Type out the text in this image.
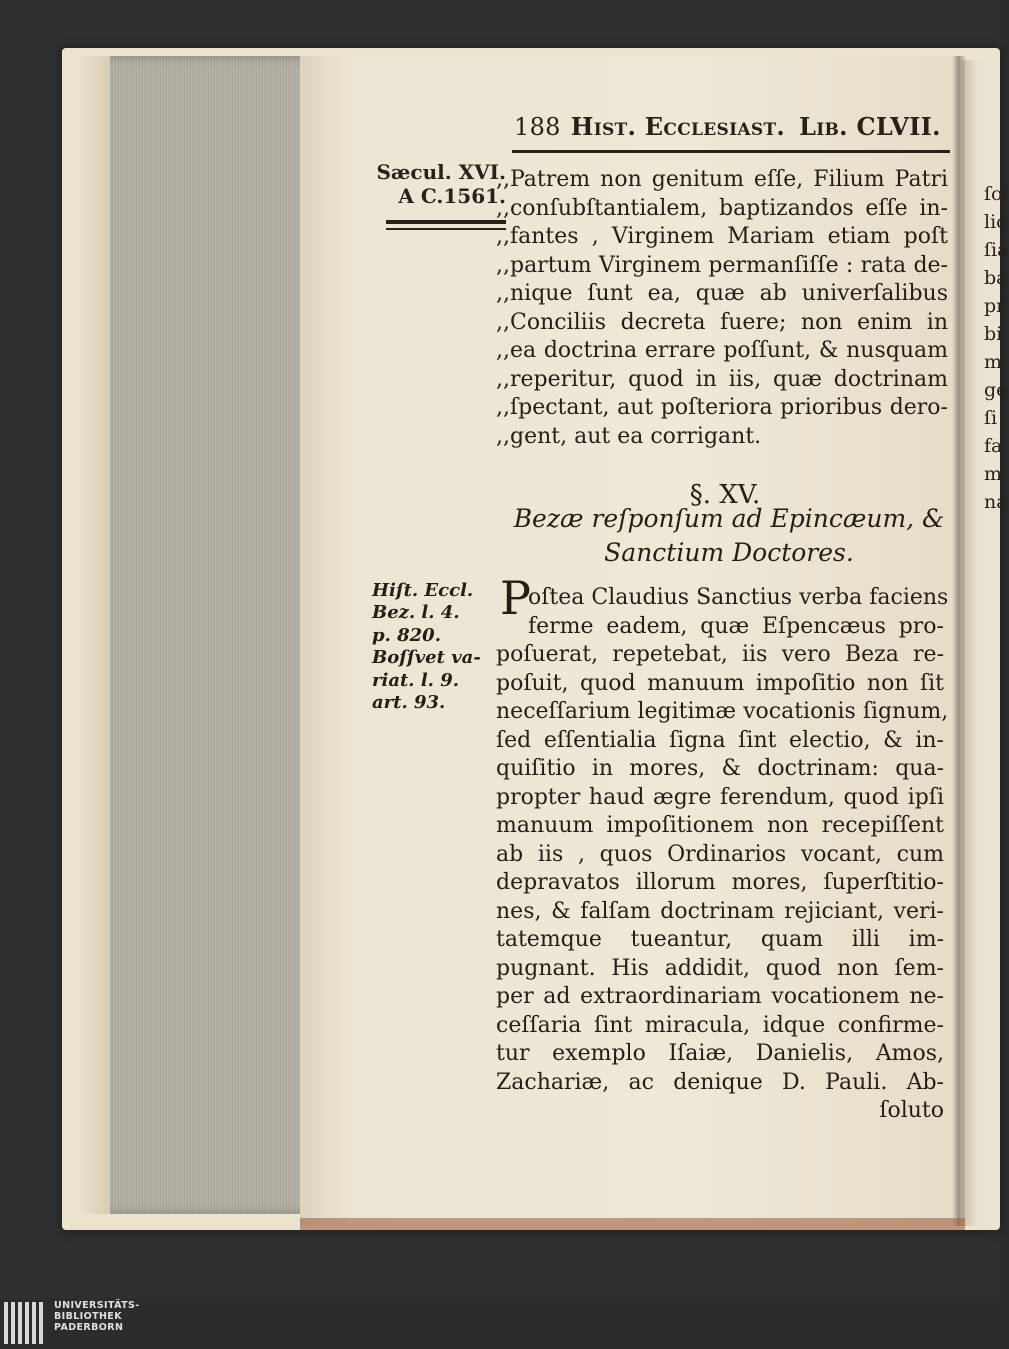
ſol
lic
ſia
ba
pr
bi
m
ge
ſi
fa
m
na
188 Hist. Ecclesiast. Lib. CLVII.
Sæcul. XVI.
A C.1561.
,,Patrem non genitum eſſe, Filium Patri
,,conſubſtantialem, baptizandos eſſe in-
,,fantes , Virginem Mariam etiam poſt
,,partum Virginem permanſiſſe : rata de-
,,nique ſunt ea, quæ ab univerſalibus
,,Conciliis decreta fuere; non enim in
,,ea doctrina errare poſſunt, & nusquam
,,reperitur, quod in iis, quæ doctrinam
,,ſpectant, aut poſteriora prioribus dero-
,,gent, aut ea corrigant.
§. XV.
Bezæ reſponſum ad Epincæum, &
Sanctium Doctores.
Hiſt. Eccl.
Bez. l. 4.
p. 820.
Boſſvet va-
riat. l. 9.
art. 93.
P
oſtea Claudius Sanctius verba faciens
ferme eadem, quæ Eſpencæus pro-
poſuerat, repetebat, iis vero Beza re-
poſuit, quod manuum impoſitio non ſit
neceſſarium legitimæ vocationis ſignum,
ſed eſſentialia ſigna ſint electio, & in-
quiſitio in mores, & doctrinam: qua-
propter haud ægre ferendum, quod ipſi
manuum impoſitionem non recepiſſent
ab iis , quos Ordinarios vocant, cum
depravatos illorum mores, ſuperſtitio-
nes, & falſam doctrinam rejiciant, veri-
tatemque tueantur, quam illi im-
pugnant. His addidit, quod non ſem-
per ad extraordinariam vocationem ne-
ceſſaria ſint miracula, idque confirme-
tur exemplo Iſaiæ, Danielis, Amos,
Zachariæ, ac denique D. Pauli. Ab-
ſoluto
UNIVERSITÄTS-
BIBLIOTHEK
PADERBORN
